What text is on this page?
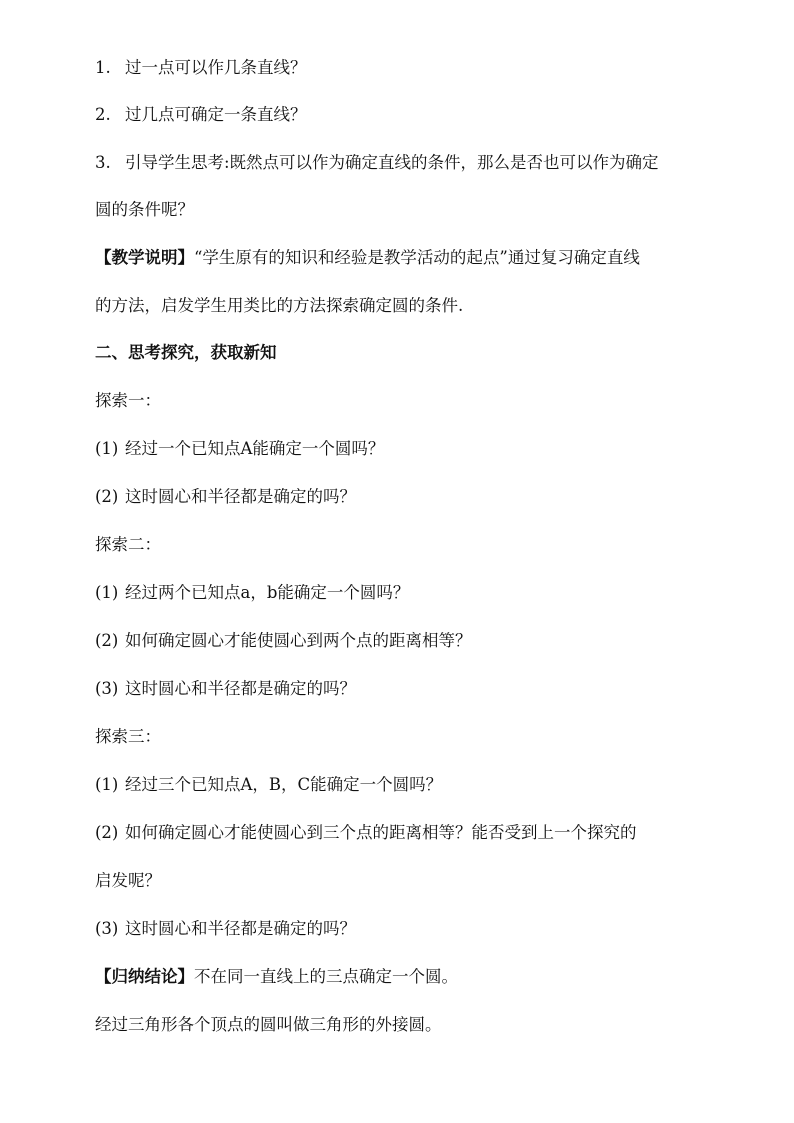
1. 过一点可以作几条直线？
2. 过几点可确定一条直线？
3. 引导学生思考:既然点可以作为确定直线的条件，那么是否也可以作为确定
圆的条件呢？
【教学说明】“学生原有的知识和经验是教学活动的起点”通过复习确定直线
的方法，启发学生用类比的方法探索确定圆的条件.
二、思考探究，获取新知
探索一：
(1) 经过一个已知点A能确定一个圆吗？
(2) 这时圆心和半径都是确定的吗？
探索二：
(1) 经过两个已知点a，b能确定一个圆吗？
(2) 如何确定圆心才能使圆心到两个点的距离相等？
(3) 这时圆心和半径都是确定的吗？
探索三：
(1) 经过三个已知点A，B，C能确定一个圆吗？
(2) 如何确定圆心才能使圆心到三个点的距离相等？能否受到上一个探究的
启发呢？
(3) 这时圆心和半径都是确定的吗？
【归纳结论】不在同一直线上的三点确定一个圆。
经过三角形各个顶点的圆叫做三角形的外接圆。
